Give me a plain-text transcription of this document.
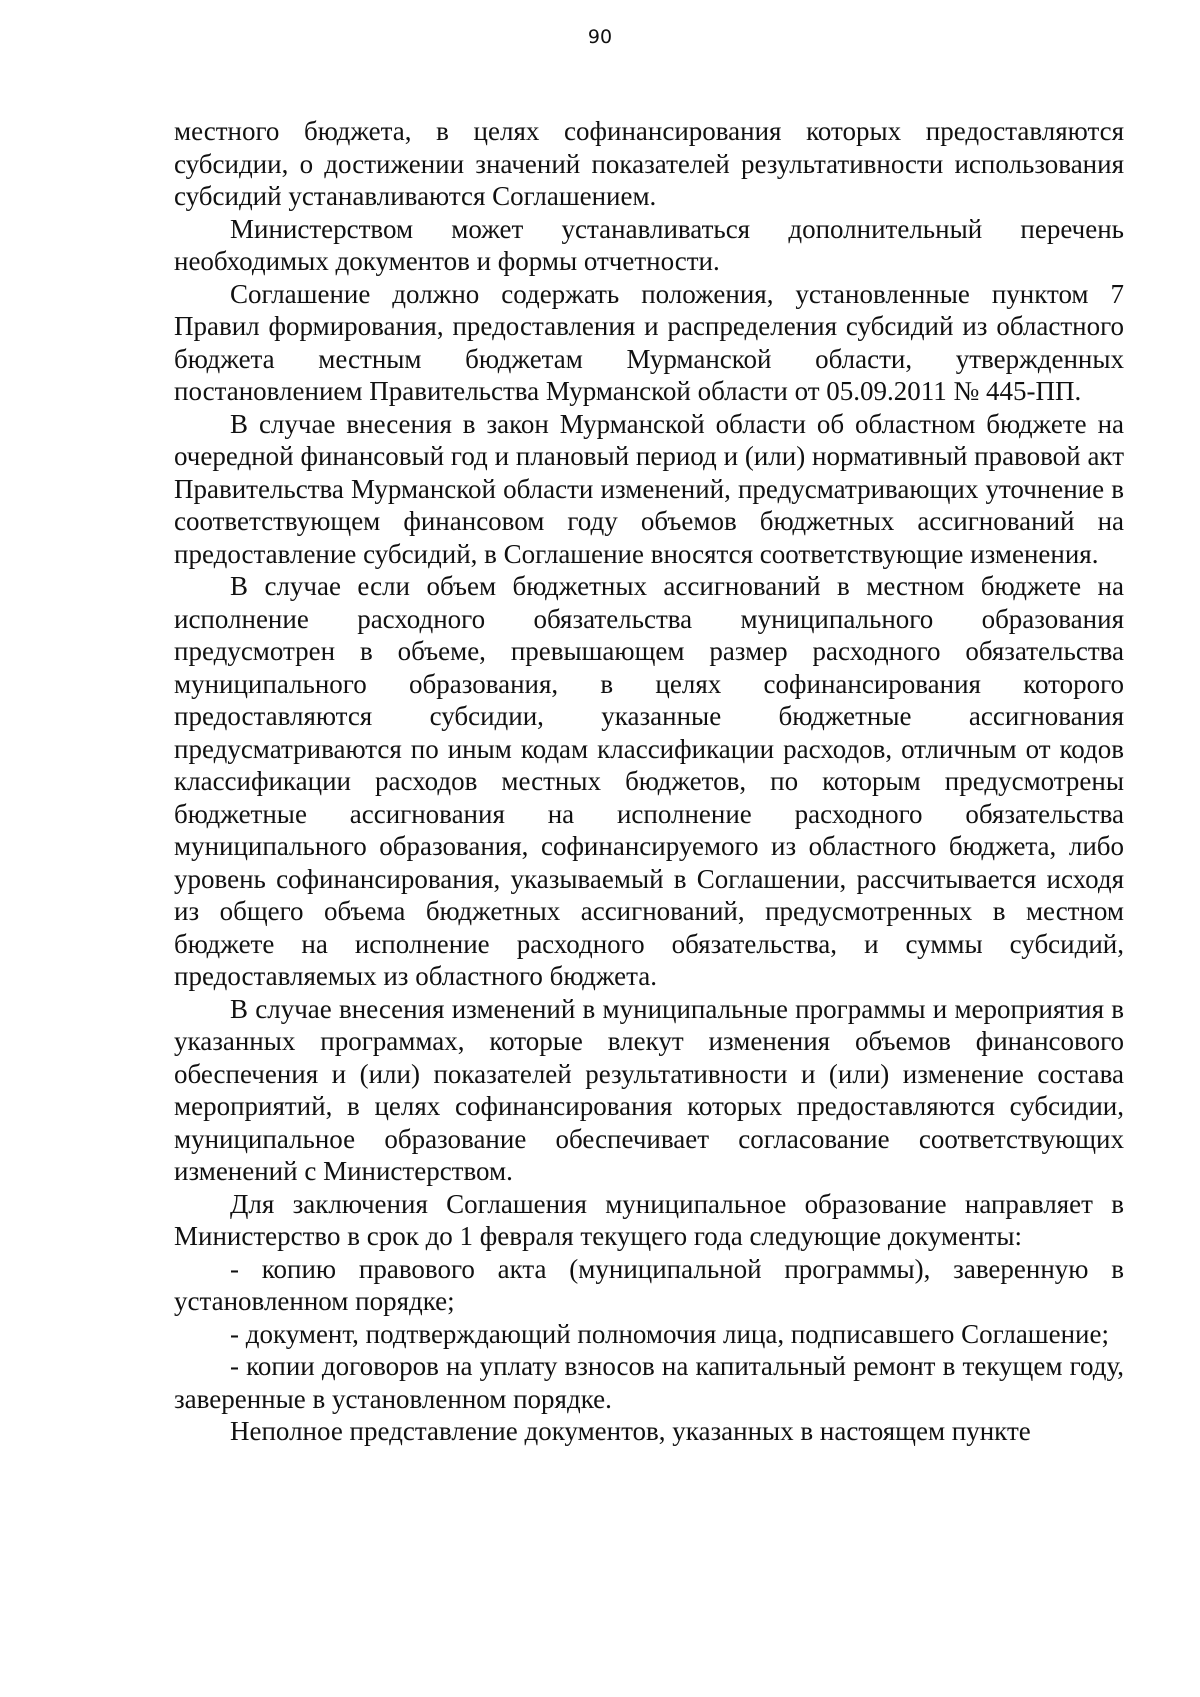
90

местного бюджета, в целях софинансирования которых предоставляются субсидии, о достижении значений показателей результативности использования субсидий устанавливаются Соглашением.

Министерством может устанавливаться дополнительный перечень необходимых документов и формы отчетности.

Соглашение должно содержать положения, установленные пунктом 7 Правил формирования, предоставления и распределения субсидий из областного бюджета местным бюджетам Мурманской области, утвержденных постановлением Правительства Мурманской области от 05.09.2011 № 445-ПП.

В случае внесения в закон Мурманской области об областном бюджете на очередной финансовый год и плановый период и (или) нормативный правовой акт Правительства Мурманской области изменений, предусматривающих уточнение в соответствующем финансовом году объемов бюджетных ассигнований на предоставление субсидий, в Соглашение вносятся соответствующие изменения.

В случае если объем бюджетных ассигнований в местном бюджете на исполнение расходного обязательства муниципального образования предусмотрен в объеме, превышающем размер расходного обязательства муниципального образования, в целях софинансирования которого предоставляются субсидии, указанные бюджетные ассигнования предусматриваются по иным кодам классификации расходов, отличным от кодов классификации расходов местных бюджетов, по которым предусмотрены бюджетные ассигнования на исполнение расходного обязательства муниципального образования, софинансируемого из областного бюджета, либо уровень софинансирования, указываемый в Соглашении, рассчитывается исходя из общего объема бюджетных ассигнований, предусмотренных в местном бюджете на исполнение расходного обязательства, и суммы субсидий, предоставляемых из областного бюджета.

В случае внесения изменений в муниципальные программы и мероприятия в указанных программах, которые влекут изменения объемов финансового обеспечения и (или) показателей результативности и (или) изменение состава мероприятий, в целях софинансирования которых предоставляются субсидии, муниципальное образование обеспечивает согласование соответствующих изменений с Министерством.

Для заключения Соглашения муниципальное образование направляет в Министерство в срок до 1 февраля текущего года следующие документы:

- копию правового акта (муниципальной программы), заверенную в установленном порядке;

- документ, подтверждающий полномочия лица, подписавшего Соглашение;

- копии договоров на уплату взносов на капитальный ремонт в текущем году, заверенные в установленном порядке.

Неполное представление документов, указанных в настоящем пункте
